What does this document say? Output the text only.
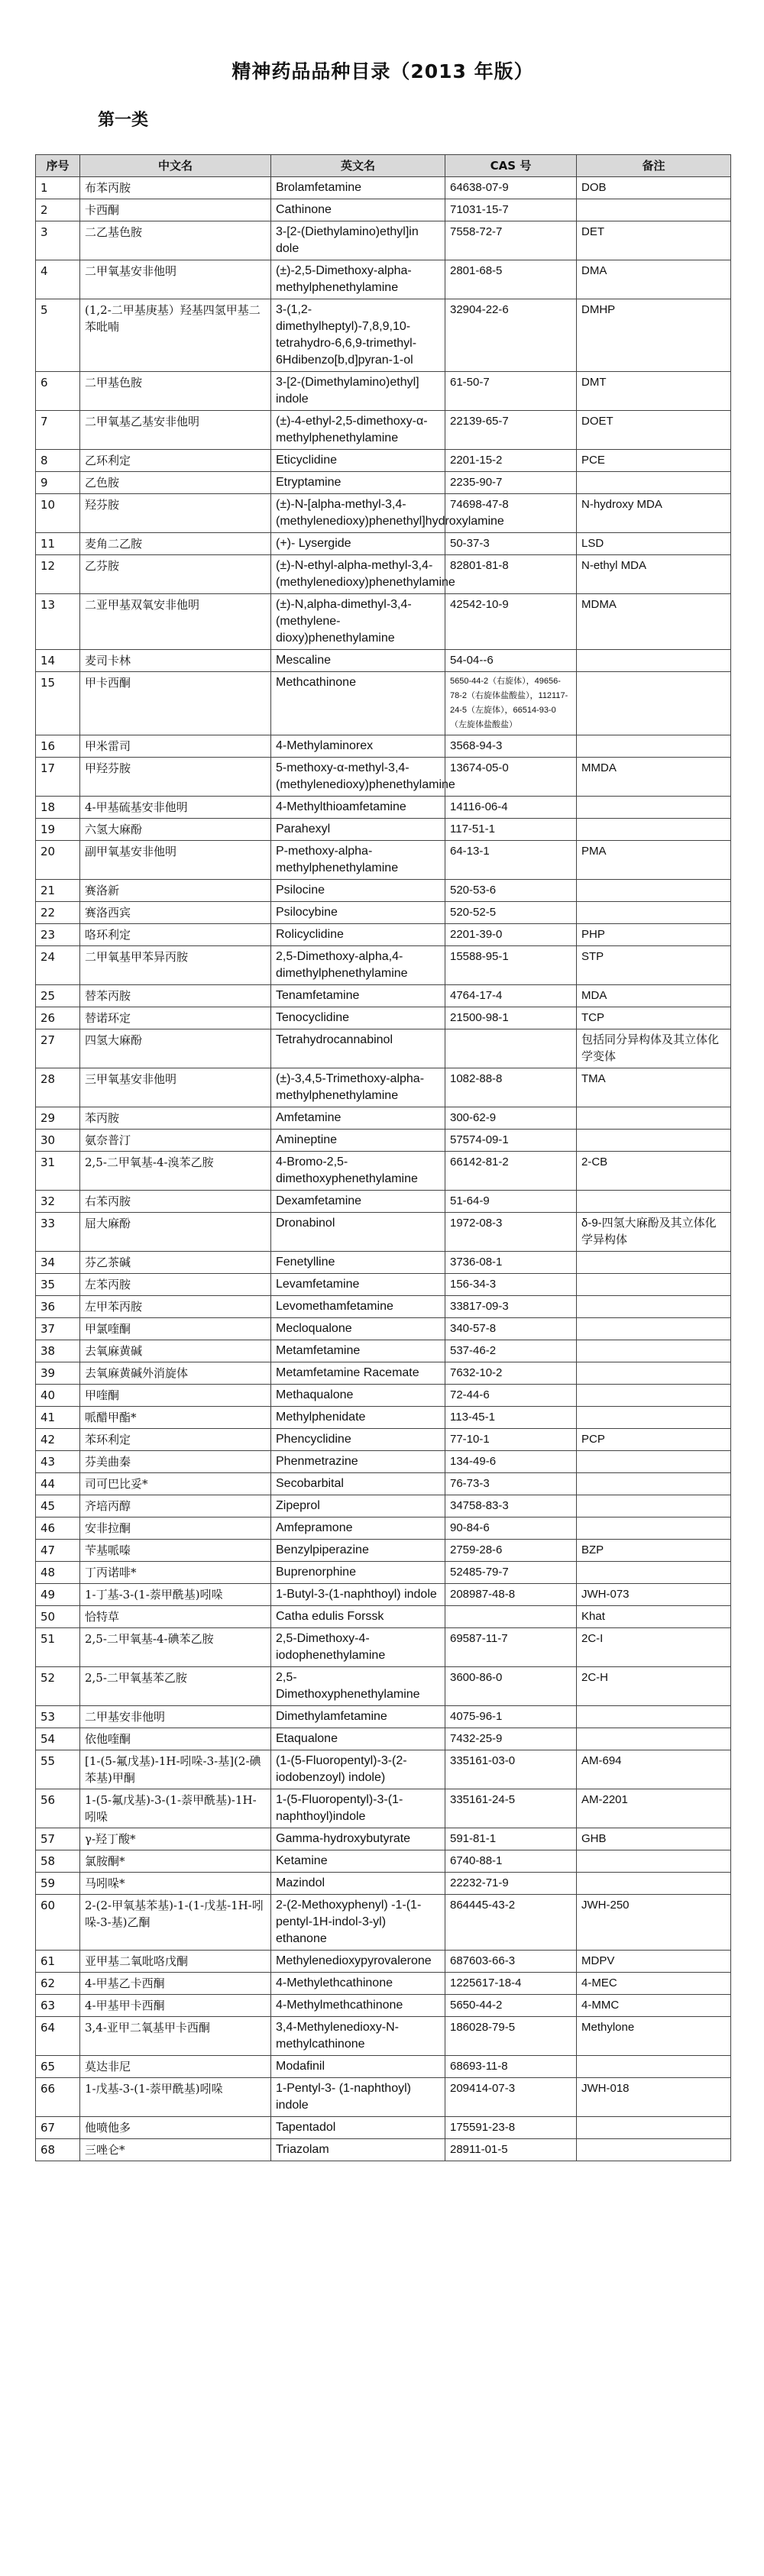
精神药品品种目录（2013 年版）
第一类
序号	中文名	英文名	CAS 号	备注
1	布苯丙胺	Brolamfetamine	64638-07-9	DOB
2	卡西酮	Cathinone	71031-15-7	
3	二乙基色胺	3-[2-(Diethylamino)ethyl]in dole	7558-72-7	DET
4	二甲氧基安非他明	(±)-2,5-Dimethoxy-alpha-methylphenethylamine	2801-68-5	DMA
5	(1,2-二甲基庚基）羟基四氢甲基二苯吡喃	3-(1,2-dimethylheptyl)-7,8,9,10-tetrahydro-6,6,9-trimethyl-6Hdibenzo[b,d]pyran-1-ol	32904-22-6	DMHP
6	二甲基色胺	3-[2-(Dimethylamino)ethyl] indole	61-50-7	DMT
7	二甲氧基乙基安非他明	(±)-4-ethyl-2,5-dimethoxy-α-methylphenethylamine	22139-65-7	DOET
8	乙环利定	Eticyclidine	2201-15-2	PCE
9	乙色胺	Etryptamine	2235-90-7	
10	羟芬胺	(±)-N-[alpha-methyl-3,4-(methylenedioxy)phenethyl]hydroxylamine	74698-47-8	N-hydroxy MDA
11	麦角二乙胺	(+)- Lysergide	50-37-3	LSD
12	乙芬胺	(±)-N-ethyl-alpha-methyl-3,4-(methylenedioxy)phenethylamine	82801-81-8	N-ethyl MDA
13	二亚甲基双氧安非他明	(±)-N,alpha-dimethyl-3,4-(methylene-dioxy)phenethylamine	42542-10-9	MDMA
14	麦司卡林	Mescaline	54-04--6	
15	甲卡西酮	Methcathinone	5650-44-2（右旋体），49656-78-2（右旋体盐酸盐），112117-24-5（左旋体），66514-93-0（左旋体盐酸盐）	
16	甲米雷司	4-Methylaminorex	3568-94-3	
17	甲羟芬胺	5-methoxy-α-methyl-3,4-(methylenedioxy)phenethylamine	13674-05-0	MMDA
18	4-甲基硫基安非他明	4-Methylthioamfetamine	14116-06-4	
19	六氢大麻酚	Parahexyl	117-51-1	
20	副甲氧基安非他明	P-methoxy-alpha-methylphenethylamine	64-13-1	PMA
21	赛洛新	Psilocine	520-53-6	
22	赛洛西宾	Psilocybine	520-52-5	
23	咯环利定	Rolicyclidine	2201-39-0	PHP
24	二甲氧基甲苯异丙胺	2,5-Dimethoxy-alpha,4-dimethylphenethylamine	15588-95-1	STP
25	替苯丙胺	Tenamfetamine	4764-17-4	MDA
26	替诺环定	Tenocyclidine	21500-98-1	TCP
27	四氢大麻酚	Tetrahydrocannabinol		包括同分异构体及其立体化学变体
28	三甲氧基安非他明	(±)-3,4,5-Trimethoxy-alpha-methylphenethylamine	1082-88-8	TMA
29	苯丙胺	Amfetamine	300-62-9	
30	氨奈普汀	Amineptine	57574-09-1	
31	2,5-二甲氧基-4-溴苯乙胺	4-Bromo-2,5-dimethoxyphenethylamine	66142-81-2	2-CB
32	右苯丙胺	Dexamfetamine	51-64-9	
33	屈大麻酚	Dronabinol	1972-08-3	δ-9-四氢大麻酚及其立体化学异构体
34	芬乙茶碱	Fenetylline	3736-08-1	
35	左苯丙胺	Levamfetamine	156-34-3	
36	左甲苯丙胺	Levomethamfetamine	33817-09-3	
37	甲氯喹酮	Mecloqualone	340-57-8	
38	去氧麻黄碱	Metamfetamine	537-46-2	
39	去氧麻黄碱外消旋体	Metamfetamine Racemate	7632-10-2	
40	甲喹酮	Methaqualone	72-44-6	
41	哌醋甲酯*	Methylphenidate	113-45-1	
42	苯环利定	Phencyclidine	77-10-1	PCP
43	芬美曲秦	Phenmetrazine	134-49-6	
44	司可巴比妥*	Secobarbital	76-73-3	
45	齐培丙醇	Zipeprol	34758-83-3	
46	安非拉酮	Amfepramone	90-84-6	
47	苄基哌嗪	Benzylpiperazine	2759-28-6	BZP
48	丁丙诺啡*	Buprenorphine	52485-79-7	
49	1-丁基-3-(1-萘甲酰基)吲哚	1-Butyl-3-(1-naphthoyl) indole	208987-48-8	JWH-073
50	恰特草	Catha edulis Forssk		Khat
51	2,5-二甲氧基-4-碘苯乙胺	2,5-Dimethoxy-4-iodophenethylamine	69587-11-7	2C-I
52	2,5-二甲氧基苯乙胺	2,5-Dimethoxyphenethylamine	3600-86-0	2C-H
53	二甲基安非他明	Dimethylamfetamine	4075-96-1	
54	依他喹酮	Etaqualone	7432-25-9	
55	[1-(5-氟戊基)-1H-吲哚-3-基](2-碘苯基)甲酮	(1-(5-Fluoropentyl)-3-(2-iodobenzoyl) indole)	335161-03-0	AM-694
56	1-(5-氟戊基)-3-(1-萘甲酰基)-1H-吲哚	1-(5-Fluoropentyl)-3-(1-naphthoyl)indole	335161-24-5	AM-2201
57	γ-羟丁酸*	Gamma-hydroxybutyrate	591-81-1	GHB
58	氯胺酮*	Ketamine	6740-88-1	
59	马吲哚*	Mazindol	22232-71-9	
60	2-(2-甲氧基苯基)-1-(1-戊基-1H-吲哚-3-基)乙酮	2-(2-Methoxyphenyl) -1-(1-pentyl-1H-indol-3-yl) ethanone	864445-43-2	JWH-250
61	亚甲基二氧吡咯戊酮	Methylenedioxypyrovalerone	687603-66-3	MDPV
62	4-甲基乙卡西酮	4-Methylethcathinone	1225617-18-4	4-MEC
63	4-甲基甲卡西酮	4-Methylmethcathinone	5650-44-2	4-MMC
64	3,4-亚甲二氧基甲卡西酮	3,4-Methylenedioxy-N-methylcathinone	186028-79-5	Methylone
65	莫达非尼	Modafinil	68693-11-8	
66	1-戊基-3-(1-萘甲酰基)吲哚	1-Pentyl-3- (1-naphthoyl) indole	209414-07-3	JWH-018
67	他喷他多	Tapentadol	175591-23-8	
68	三唑仑*	Triazolam	28911-01-5	
